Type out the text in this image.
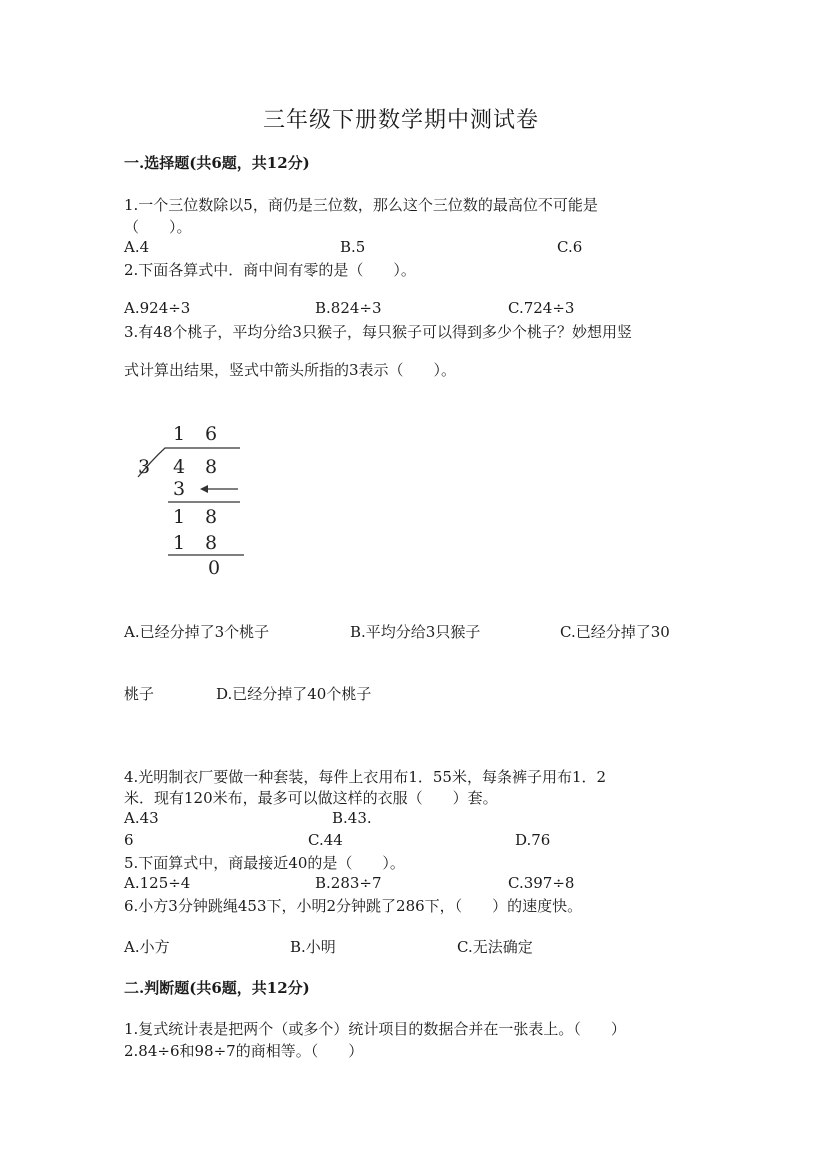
三年级下册数学期中测试卷
一.选择题(共6题，共12分)
1.一个三位数除以5，商仍是三位数，那么这个三位数的最高位不可能是
（　　）。
A.4	B.5	C.6
2.下面各算式中．商中间有零的是（　　）。
A.924÷3	B.824÷3	C.724÷3
3.有48个桃子，平均分给3只猴子，每只猴子可以得到多少个桃子？妙想用竖
式计算出结果，竖式中箭头所指的3表示（　　）。
1 6
3 4 8
3
1 8
1 8
0
A.已经分掉了3个桃子	B.平均分给3只猴子	C.已经分掉了30
桃子	D.已经分掉了40个桃子
4.光明制衣厂要做一种套装，每件上衣用布1．55米，每条裤子用布1．2
米．现有120米布，最多可以做这样的衣服（　　）套。
A.43	B.43.
6	C.44	D.76
5.下面算式中，商最接近40的是（　　）。
A.125÷4	B.283÷7	C.397÷8
6.小方3分钟跳绳453下，小明2分钟跳了286下，（　　）的速度快。
A.小方	B.小明	C.无法确定
二.判断题(共6题，共12分)
1.复式统计表是把两个（或多个）统计项目的数据合并在一张表上。（　　）
2.84÷6和98÷7的商相等。（　　）
